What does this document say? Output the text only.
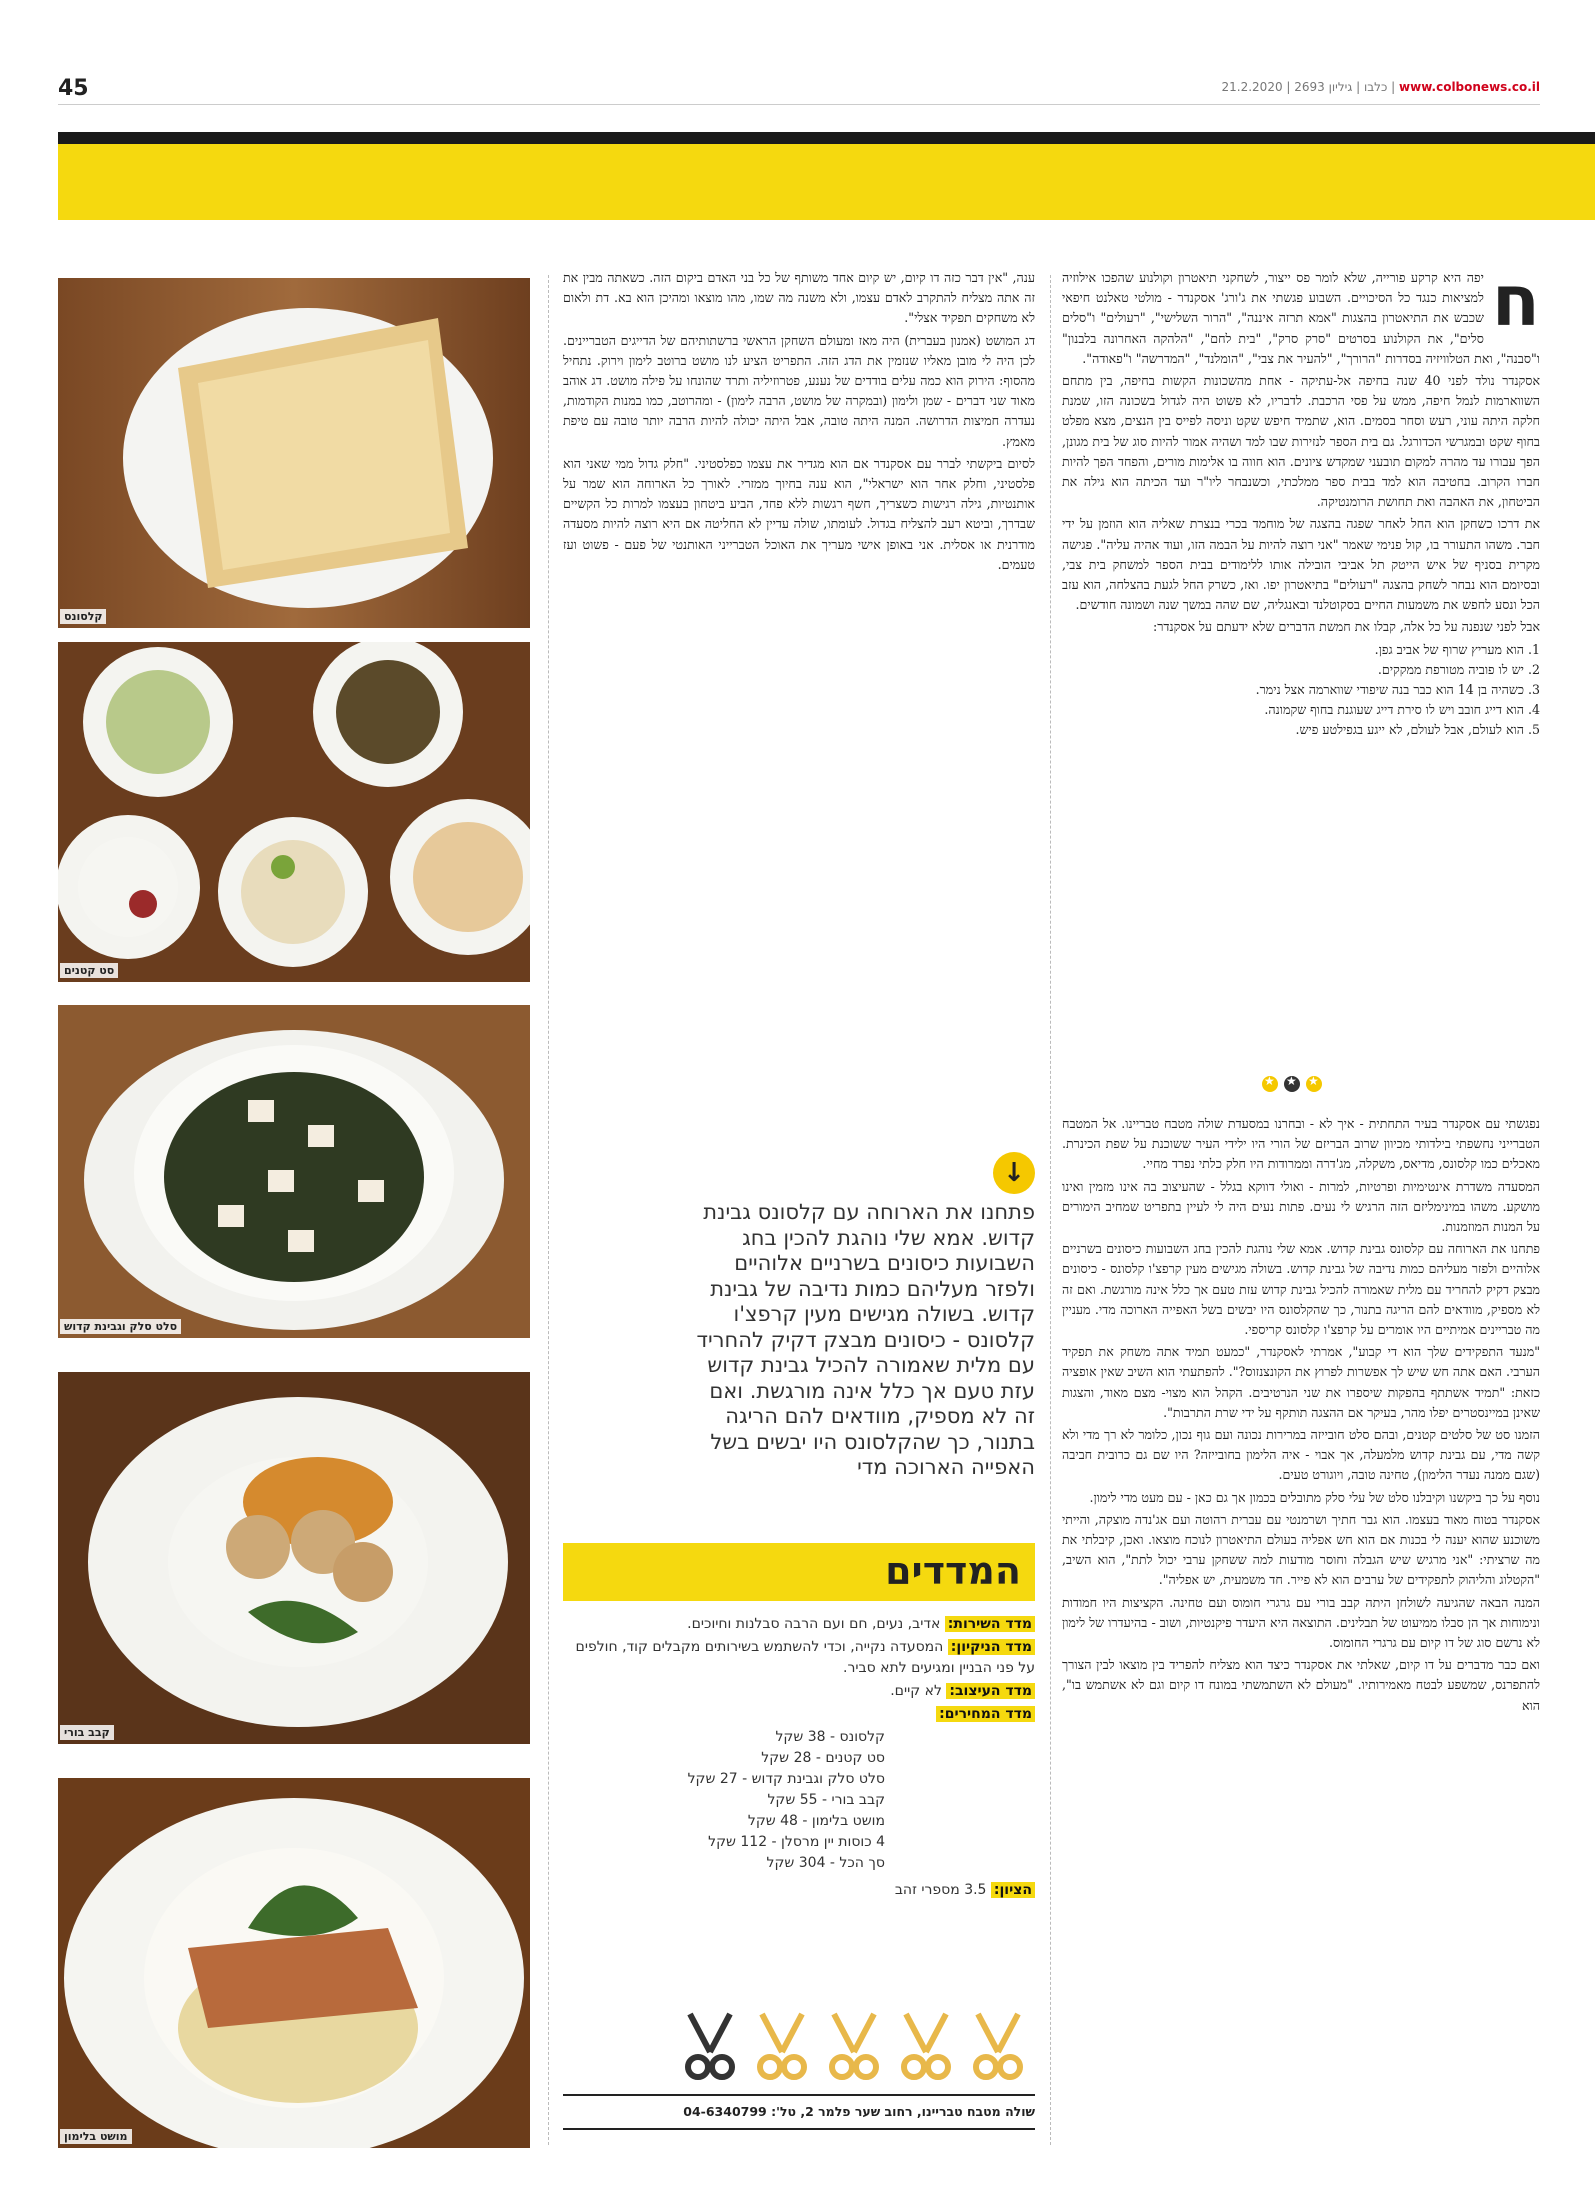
45	www.colbonews.co.il | כלבו | גיליון 2693 | 21.2.2020
קלסונס
סט קטנים
סלט סלק וגבינת קדוש
קבב בורי
מושט בלימון
ח

יפה היא קרקע פורייה, שלא לומר פס ייצור, לשחקני תיאטרון וקולנוע שהפכו אילוזיה למציאות כנגד כל הסיכויים. השבוע פגשתי את ג'ורג' אסקנדר - מולטי טאלנט חיפאי שכבש את התיאטרון בהצגות "אמא תרזה איננה", "הרור השלישי", "רעולים" ו"סלים סלים", את הקולנוע בסרטים "סרק סרק", "בית לחם", "הלהקה האחרונה בלבנון" ו"סבנה", ואת הטלוויזיה בסדרות "הרורך", "להעיר את צבי", "הומלנד", "המדרשה" ו"פאודה".

אסקנדר נולד לפני 40 שנה בחיפה אל-עתיקה - אחת מהשכונות הקשות בחיפה, בין מתחם השווארמות לנמל חיפה, ממש על פסי הרכבת. לדבריו, לא פשוט היה לגדול בשכונה הזו, שמנת חלקה היתה עוני, רעש וסחר בסמים. הוא, שתמיד חיפש שקט וניסה לפייס בין הנצים, מצא מפלט בחוף שקט ובמגרשי הכדורגל. גם בית הספר לנזירות שבו למד ושהיה אמור להיות סוג של בית מגונן, הפך עבורו עד מהרה למקום תובעני שמקדש ציונים. הוא חווה בו אלימות מורים, והפחד הפך להיות חברו הקרוב. בחטיבה הוא למד בבית ספר ממלכתי, וכשנבחר ליו"ר ועד הכיתה הוא גילה את הביטחון, את האהבה ואת תחושת הרומנטיקה.

את דרכו כשחקן הוא החל לאחר שפגה בהצגה של מוחמד בכרי בנצרת שאליה הוא הוזמן על ידי חבר. משהו התעורר בו, קול פנימי שאמר "אני רוצה להיות על הבמה הזו, ועוד אהיה עליה". פגישה מקרית בסניף של איש הייטק תל אביבי הובילה אותו ללימודים בבית הספר למשחק בית צבי, ובסיומם הוא נבחר לשחק בהצגה "רעולים" בתיאטרון יפו. ואז, כשרק החל לגעת בהצלחה, הוא עזב הכל ונסע לחפש את משמעות החיים בסקוטלנד ובאנגליה, שם שהה במשך שנה ושמונה חודשים.

אבל לפני שנפנה על כל אלה, קבלו את חמשת הדברים שלא ידעתם על אסקנדר:

1. הוא מעריץ שרוף של אביב גפן.
2. יש לו פוביה מטורפת ממקקים.
3. כשהיה בן 14 הוא כבר בנה שיפודי שווארמה אצל נימר.
4. הוא דייג חובב ויש לו סירת דייג שעוגנת בחוף שקמונה.
5. הוא לעולם, אבל לעולם, לא ייגע בגפילטע פיש.
★
★
★

נפגשתי עם אסקנדר בעיר התחתית - איך לא - ובחרנו במסעדת שולה מטבח טבריינו. אל המטבח הטברייני נחשפתי בילדותי מכיוון שרוב הבריזם של הורי היו ילידי העיר ששוכנת על שפת הכינרת. מאכלים כמו קלסונס, מדיאס, משקלה, מג'דרה וממרודות היו חלק כלתי נפרד מחיי.

המסעדה משדרת אינטימיות ופרטיות, למרות - ואולי דווקא בגלל - שהעיצוב בה אינו מזמין ואינו מושקע. משהו במינימליזם הזה הרגיש לי נעים. פתות נעים היה לי לעיין בתפריט שמחיב הימורים על המנות המוזמנות.

פתחנו את הארוחה עם קלסונס גבינת קדוש. אמא שלי נוהגת להכין בחג השבועות כיסונים בשרניים אלוהיים ולפזר מעליהם כמות נדיבה של גבינת קדוש. בשולה מגישים מעין קרפצ'ו קלסונס - כיסונים מבצק דקיק להחריד עם מלית שאמורה להכיל גבינת קדוש עזת טעם אך כלל אינה מורגשת. ואם זה לא מספיק, מוודאים להם הריגה בתנור, כך שהקלסונס היו יבשים בשל האפייה הארוכה מדי. מעניין מה טבריינים אמיתיים היו אומרים על קרפצ'ו קלסונס קריספי.

"מנעד התפקידים שלך הוא די קבוע", אמרתי לאסקנדר, "כמעט תמיד אתה משחק את תפקיד הערבי. האם אתה חש שיש לך אפשרות לפרוץ את הקונצנזוס?". להפתעתי הוא השיב שאין אופציה כזאת: "תמיד אשתתף בהפקות שיספרו את שני הנרטיבים. הקהל הוא מצוי- מצם מאוד, והצגות שאינן במיינסטרים יפלו מהר, בעיקר אם ההצגה תותקף על ידי שרת התרבות".

הזמנו סט של סלטים קטנים, ובהם סלט חובייזה במרירות נכונה ועם גוף נכון, כלומר לא רך מדי ולא קשה מדי, עם גבינת קדוש מלמעלה, אך אבוי - איה הלימון בחובייזה? היו שם גם כרובית חביבה (שגם ממנה נעדר הלימון), טחינה טובה, ויוגורט טעים.

נוסף על כך ביקשנו וקיבלנו סלט של עלי סלק מתובלים בכמון אך גם כאן - עם מעט מדי לימון.

אסקנדר בטוח מאוד בעצמו. הוא גבר חתיך ושרמנטי עם עברית רהוטה ועם אג'נדה מוצקה, והייתי משוכנע שהוא יענה לי בכנות אם הוא חש אפליה בעולם התיאטרון לנוכח מוצאו. ואכן, קיבלתי את מה שרציתי: "אני מרגיש שיש הגבלה וחוסר מודעות למה ששחקן ערבי יכול לתת", הוא השיב, "הקטלוג והליהוק לתפקידים של ערבים הוא לא פייר. חד משמעית, יש אפליה".

המנה הבאה שהגיעה לשולחן היתה קבב בורי עם גרגרי חומוס ועם טחינה. הקציצות היו חמודות ונימוחות אך הן סבלו ממיעוט של תבלינים. התוצאה היא היעדר פיקנטיות, ושוב - בהיעדרו של לימון לא נרשם סוג של דו קיום עם גרגרי החומוס.

ואם כבר מדברים על דו קיום, שאלתי את אסקנדר כיצד הוא מצליח להפריד בין מוצאו לבין הצורך להתפרנס, שמשפע לבטח מאמירותיו. "מעולם לא השתמשתי במונח דו קיום וגם לא אשתמש בו", הוא

ענה, "אין דבר כזה דו קיום, יש קיום אחד משותף של כל בני האדם ביקום הזה. כשאתה מבין את זה אתה מצליח להתקרב לאדם עצמו, ולא משנה מה שמו, מהו מוצאו ומהיכן הוא בא. דת ולאום לא משחקים תפקיד אצלי".

דג המושט (אמנון בעברית) היה מאז ומעולם השחקן הראשי ברשתותיהם של הדייגים הטבריינים. לכן היה לי מובן מאליו שנזמין את הדג הזה. התפריט הציע לנו מושט ברוטב לימון וירוק. נתחיל מהסוף: הירוק הוא כמה עלים בודדים של נענע, פטרוזיליה ותרד שהונחו על פילה מושט. דג אוהב מאוד שני דברים - שמן ולימון (ובמקרה של מושט, הרבה לימון) - ומהרוטב, כמו במנות הקודמות, נעדרה חמיצות הדרושה. המנה היתה טובה, אבל היתה יכולה להיות הרבה יותר טובה עם טיפת מאמץ.

לסיום ביקשתי לברר עם אסקנדר אם הוא מגדיר את עצמו כפלסטיני. "חלק גדול ממי שאני הוא פלסטיני, וחלק אחר הוא ישראלי", הוא ענה בחיוך ממזרי. לאורך כל הארוחה הוא שמר על אותנטיות, גילה רגישות כשצריך, חשף רגשות ללא פחד, הביע ביטחון בעצמו למרות כל הקשיים שבדרך, וביטא רעב להצליח בגדול. לעומתו, שולה עדיין לא החליטה אם היא רוצה להיות מסעדה מודרנית או אסלית. אני באופן אישי מעריך את האוכל הטברייני האותנטי של פעם - פשוט ועז טעמים.

↓
פתחנו את הארוחה עם קלסונס גבינת קדוש. אמא שלי נוהגת להכין בחג השבועות כיסונים בשרניים אלוהיים ולפזר מעליהם כמות נדיבה של גבינת קדוש. בשולה מגישים מעין קרפצ'ו קלסונס - כיסונים מבצק דקיק להחריד עם מלית שאמורה להכיל גבינת קדוש עזת טעם אך כלל אינה מורגשת. ואם זה לא מספיק, מוודאים להם הריגה בתנור, כך שהקלסונס היו יבשים בשל האפייה הארוכה מדי
המדדים
מדד השירות: אדיב, נעים, חם ועם הרבה סבלנות וחיוכים.
מדד הניקיון: המסעדה נקייה, וכדי להשתמש בשירותים מקבלים קוד, חולפים על פני הבניין ומגיעים לתא סביר.
מדד העיצוב: לא קיים.
מדד המחירים:
קלסונס - 38 שקל
סט קטנים - 28 שקל
סלט סלק וגבינת קדוש - 27 שקל
קבב בורי - 55 שקל
מושט בלימון - 48 שקל
4 כוסות יין מרסלן - 112 שקל
סך הכל - 304 שקל
הציון: 3.5 מספרי זהב
שולה מטבח טבריינו, רחוב שער פלמר 2, טל': 04-6340799
